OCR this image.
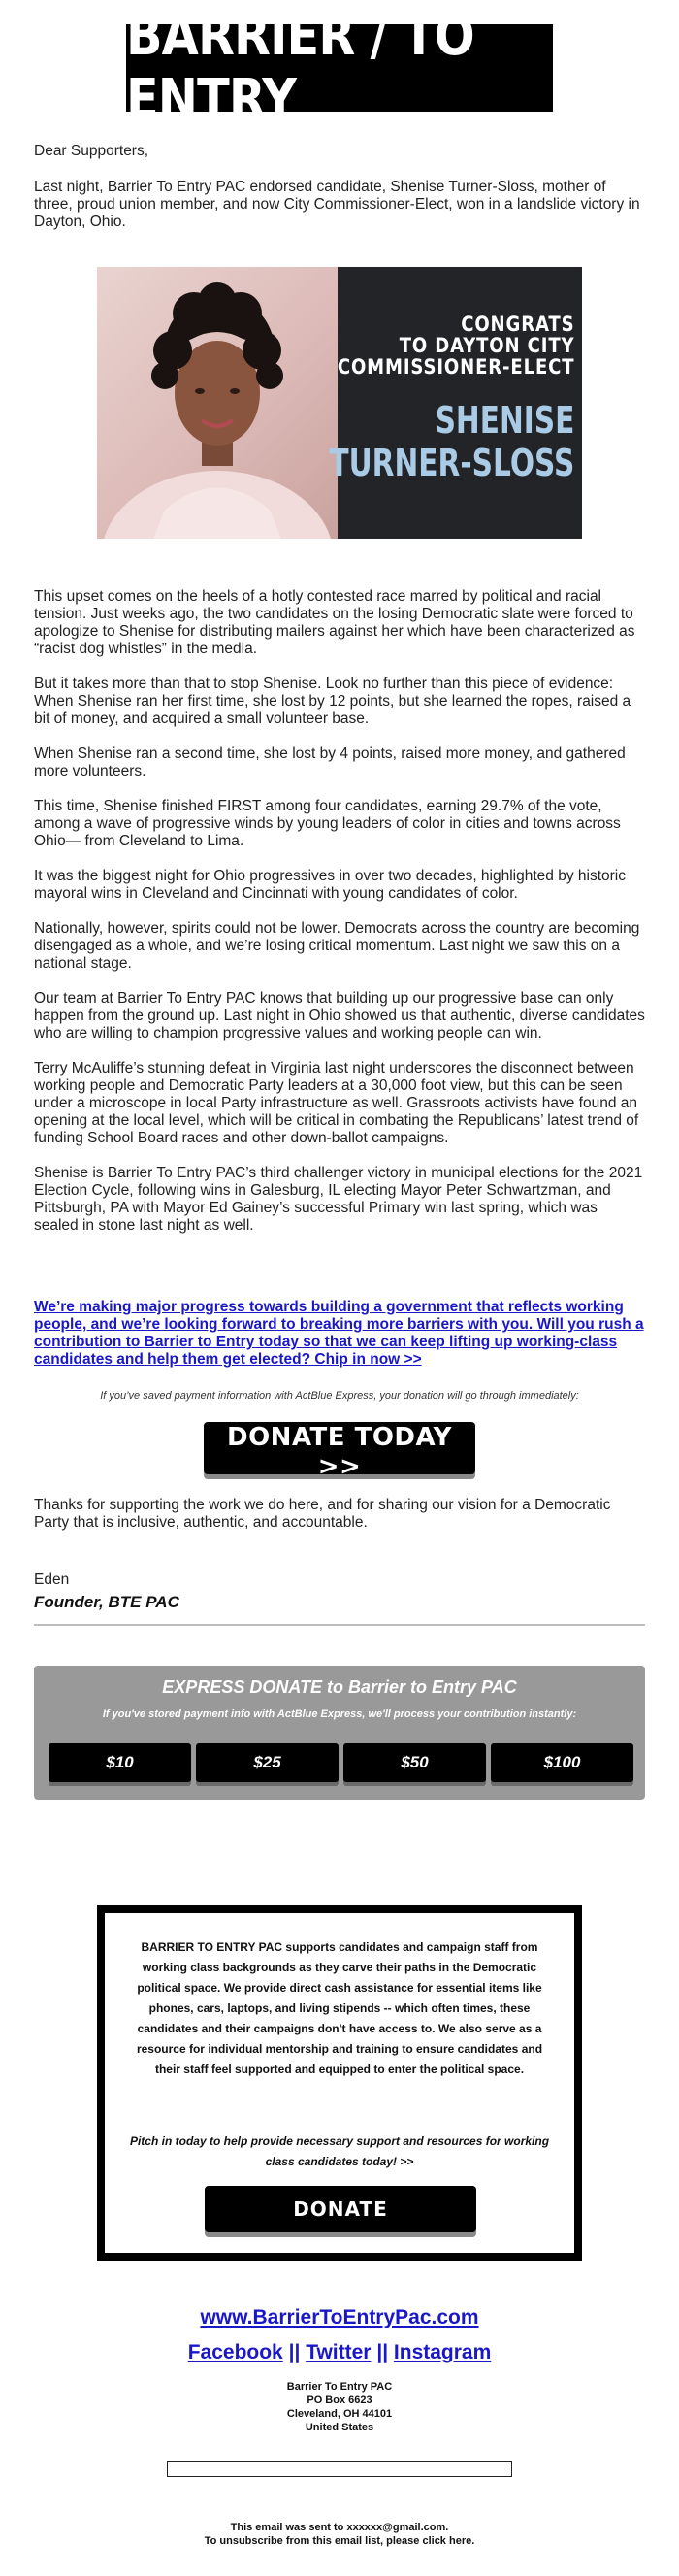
BARRIER / TO ENTRY
Dear Supporters,
Last night, Barrier To Entry PAC endorsed candidate, Shenise Turner-Sloss, mother of three, proud union member, and now City Commissioner-Elect, won in a landslide victory in Dayton, Ohio.
CONGRATS
TO DAYTON CITY
COMMISSIONER-ELECT
SHENISE
TURNER-SLOSS

This upset comes on the heels of a hotly contested race marred by political and racial tension. Just weeks ago, the two candidates on the losing Democratic slate were forced to apologize to Shenise for distributing mailers against her which have been characterized as “racist dog whistles” in the media.

But it takes more than that to stop Shenise. Look no further than this piece of evidence: When Shenise ran her first time, she lost by 12 points, but she learned the ropes, raised a bit of money, and acquired a small volunteer base.

When Shenise ran a second time, she lost by 4 points, raised more money, and gathered more volunteers.

This time, Shenise finished FIRST among four candidates, earning 29.7% of the vote, among a wave of progressive winds by young leaders of color in cities and towns across Ohio— from Cleveland to Lima.

It was the biggest night for Ohio progressives in over two decades, highlighted by historic mayoral wins in Cleveland and Cincinnati with young candidates of color.

Nationally, however, spirits could not be lower. Democrats across the country are becoming disengaged as a whole, and we’re losing critical momentum. Last night we saw this on a national stage.

Our team at Barrier To Entry PAC knows that building up our progressive base can only happen from the ground up. Last night in Ohio showed us that authentic, diverse candidates who are willing to champion progressive values and working people can win.

Terry McAuliffe’s stunning defeat in Virginia last night underscores the disconnect between working people and Democratic Party leaders at a 30,000 foot view, but this can be seen under a microscope in local Party infrastructure as well. Grassroots activists have found an opening at the local level, which will be critical in combating the Republicans’ latest trend of funding School Board races and other down-ballot campaigns.

Shenise is Barrier To Entry PAC’s third challenger victory in municipal elections for the 2021 Election Cycle, following wins in Galesburg, IL electing Mayor Peter Schwartzman, and Pittsburgh, PA with Mayor Ed Gainey’s successful Primary win last spring, which was sealed in stone last night as well.

We’re making major progress towards building a government that reflects working people, and we’re looking forward to breaking more barriers with you. Will you rush a contribution to Barrier to Entry today so that we can keep lifting up working-class candidates and help them get elected? Chip in now >>
If you’ve saved payment information with ActBlue Express, your donation will go through immediately:
DONATE TODAY >>
Thanks for supporting the work we do here, and for sharing our vision for a Democratic Party that is inclusive, authentic, and accountable.
Eden
Founder, BTE PAC
EXPRESS DONATE to Barrier to Entry PAC
If you've stored payment info with ActBlue Express, we'll process your contribution instantly:
$10	$25	$50	$100
BARRIER TO ENTRY PAC supports candidates and campaign staff from working class backgrounds as they carve their paths in the Democratic political space. We provide direct cash assistance for essential items like phones, cars, laptops, and living stipends -- which often times, these candidates and their campaigns don't have access to. We also serve as a resource for individual mentorship and training to ensure candidates and their staff feel supported and equipped to enter the political space.
Pitch in today to help provide necessary support and resources for working class candidates today! >>
DONATE
www.BarrierToEntryPac.com
Facebook || Twitter || Instagram
Barrier To Entry PAC
PO Box 6623
Cleveland, OH 44101
United States
This email was sent to xxxxxx@gmail.com.
To unsubscribe from this email list, please click here.
